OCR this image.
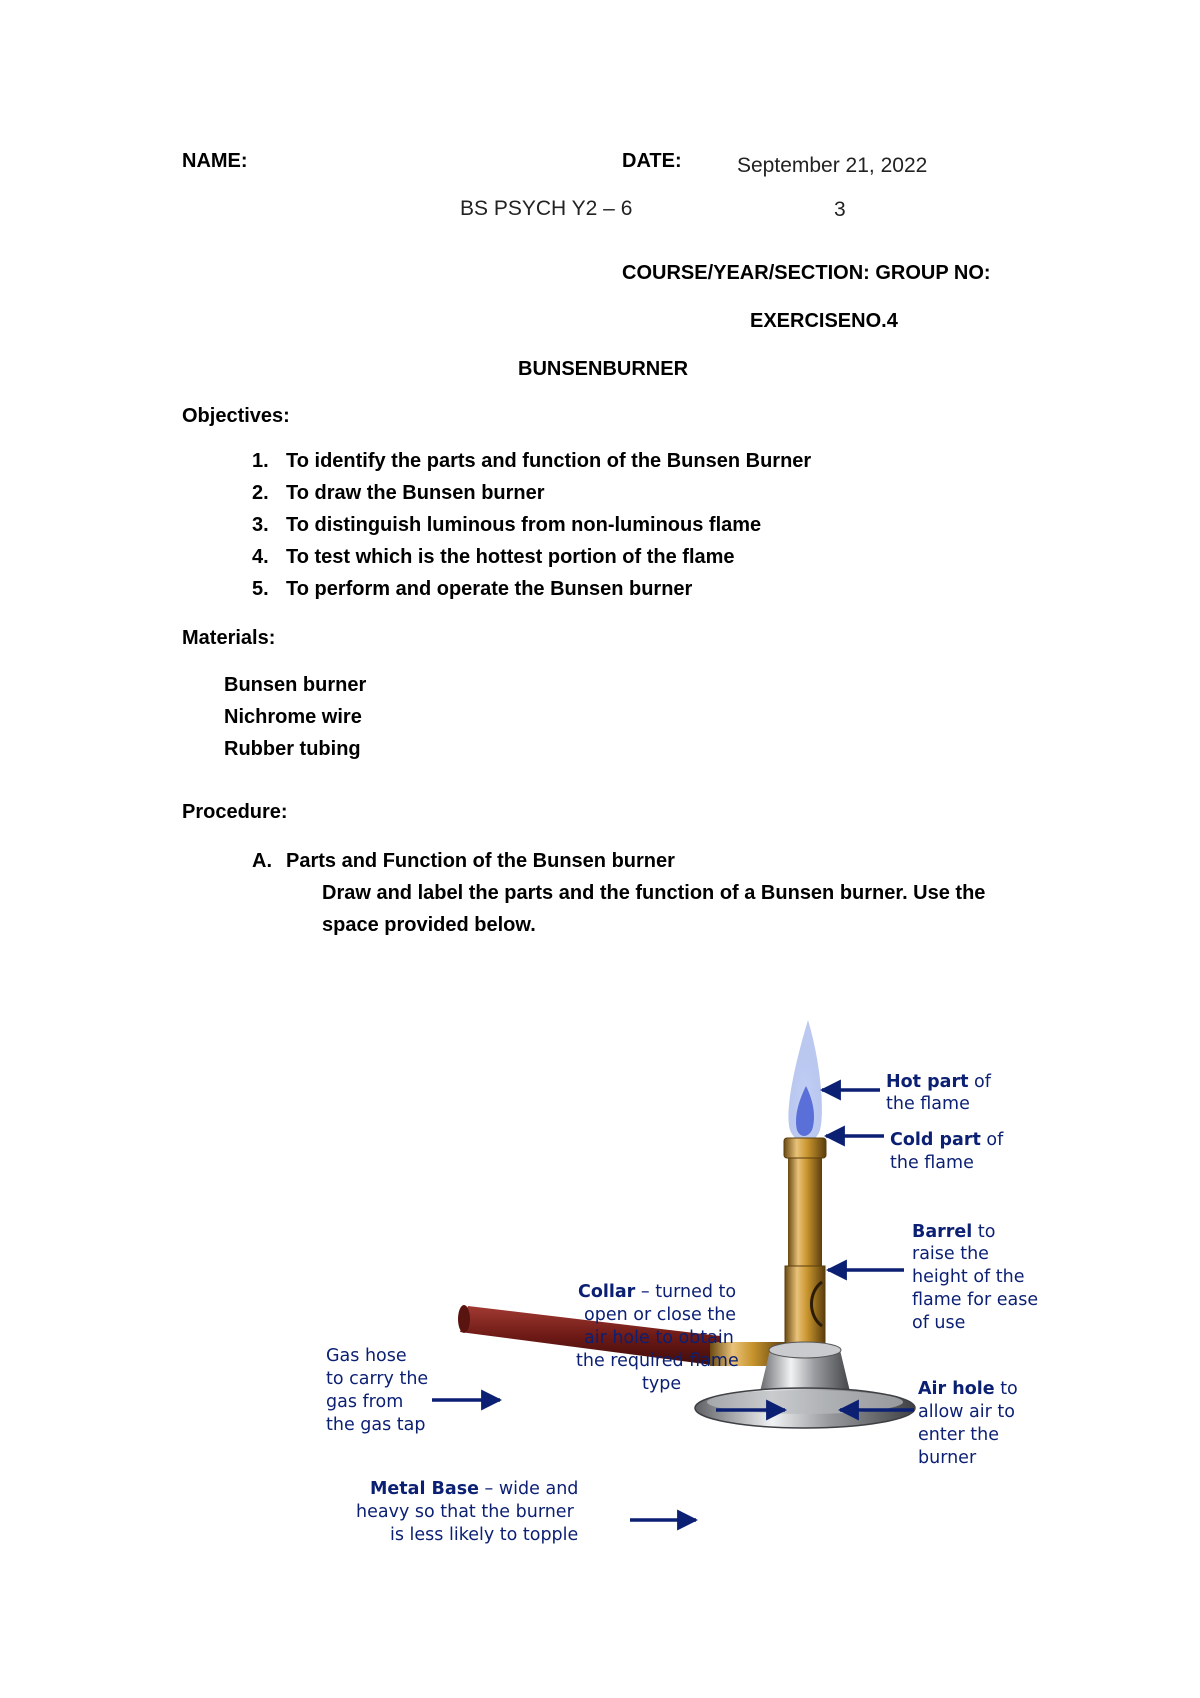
NAME:	DATE:	September 21, 2022
BS PSYCH Y2 – 6	3
COURSE/YEAR/SECTION: GROUP NO:
EXERCISENO.4
BUNSENBURNER
Objectives:
1. To identify the parts and function of the Bunsen Burner
2. To draw the Bunsen burner
3. To distinguish luminous from non-luminous flame
4. To test which is the hottest portion of the flame
5. To perform and operate the Bunsen burner
Materials:
Bunsen burner
Nichrome wire
Rubber tubing
Procedure:
A. Parts and Function of the Bunsen burner
Draw and label the parts and the function of a Bunsen burner. Use the
space provided below.
Hot part of
the flame
Cold part of
the flame
Barrel to
raise the
height of the
flame for ease
of use
Collar – turned to
open or close the
air hole to obtain
the required flame
type
Gas hose
to carry the
gas from
the gas tap
Air hole to
allow air to
enter the
burner
Metal Base – wide and
heavy so that the burner
is less likely to topple
